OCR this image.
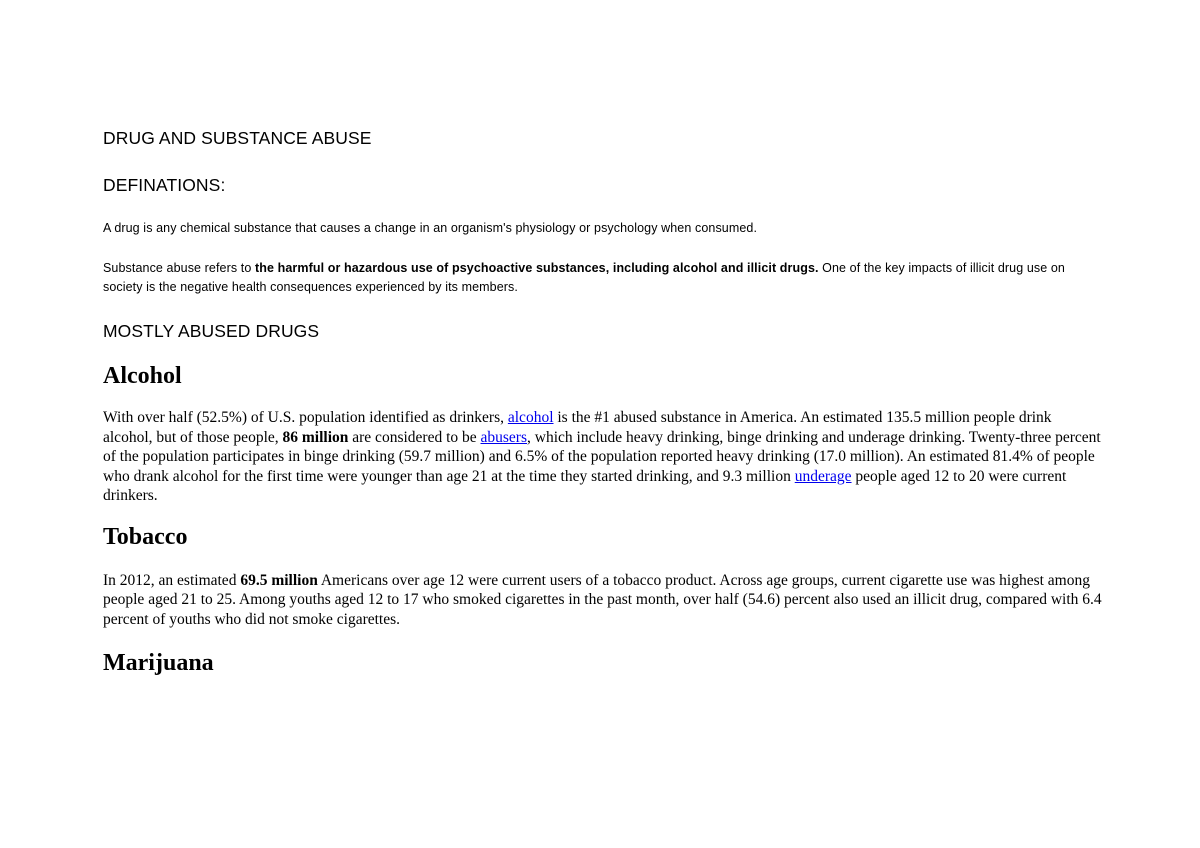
DRUG AND SUBSTANCE ABUSE
DEFINATIONS:

A drug is any chemical substance that causes a change in an organism's physiology or psychology when consumed.

Substance abuse refers to the harmful or hazardous use of psychoactive substances, including alcohol and illicit drugs. One of the key impacts of illicit drug use on society is the negative health consequences experienced by its members.

MOSTLY ABUSED DRUGS
Alcohol

With over half (52.5%) of U.S. population identified as drinkers, alcohol is the #1 abused substance in America. An estimated 135.5 million people drink alcohol, but of those people, 86 million are considered to be abusers, which include heavy drinking, binge drinking and underage drinking. Twenty-three percent of the population participates in binge drinking (59.7 million) and 6.5% of the population reported heavy drinking (17.0 million). An estimated 81.4% of people who drank alcohol for the first time were younger than age 21 at the time they started drinking, and 9.3 million underage people aged 12 to 20 were current drinkers.

Tobacco

In 2012, an estimated 69.5 million Americans over age 12 were current users of a tobacco product. Across age groups, current cigarette use was highest among people aged 21 to 25. Among youths aged 12 to 17 who smoked cigarettes in the past month, over half (54.6) percent also used an illicit drug, compared with 6.4 percent of youths who did not smoke cigarettes.

Marijuana
